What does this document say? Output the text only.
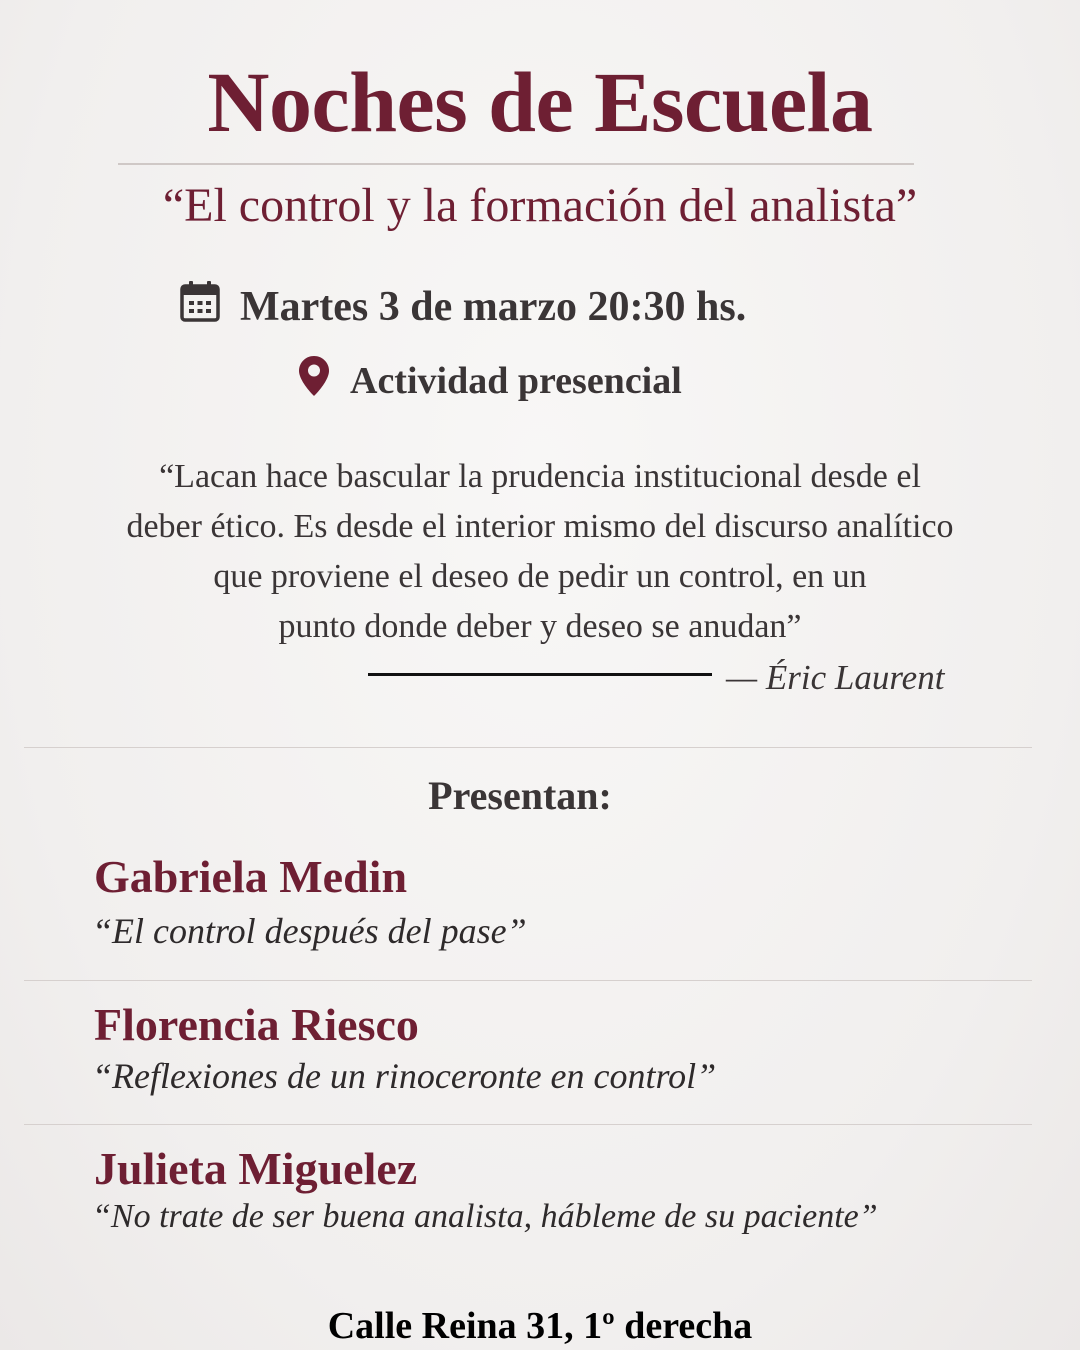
Noches de Escuela
“El control y la formación del analista”
Martes 3 de marzo 20:30 hs.
Actividad presencial
“Lacan hace bascular la prudencia institucional desde el
deber ético. Es desde el interior mismo del discurso analítico
que proviene el deseo de pedir un control, en un
punto donde deber y deseo se anudan”
— Éric Laurent
Presentan:
Gabriela Medin
“El control después del pase”
Florencia Riesco
“Reflexiones de un rinoceronte en control”
Julieta Miguelez
“No trate de ser buena analista, hábleme de su paciente”
Calle Reina 31, 1º derecha
